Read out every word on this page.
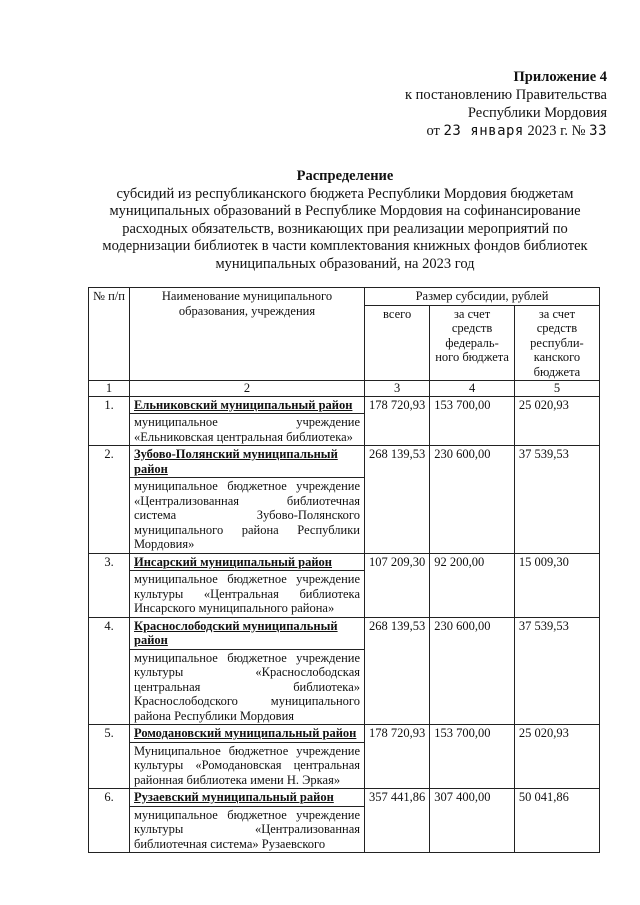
Приложение 4
к постановлению Правительства
Республики Мордовия
от 23 января 2023 г. № 33
Распределение
субсидий из республиканского бюджета Республики Мордовия бюджетам муниципальных образований в Республике Мордовия на софинансирование расходных обязательств, возникающих при реализации мероприятий по модернизации библиотек в части комплектования книжных фондов библиотек муниципальных образований, на 2023 год
№ п/п	Наименование муниципального образования, учреждения	Размер субсидии, рублей		
		всего	за счет средств федераль-ного бюджета	за счет средств республи-канского бюджета
1	2	3	4	5
1.	Ельниковский муниципальный район	178 720,93	153 700,00	25 020,93
	муниципальное учреждение «Ельниковская центральная библиотека»			
2.	Зубово-Полянский муниципальный район	268 139,53	230 600,00	37 539,53
	муниципальное бюджетное учреждение «Централизованная библиотечная система Зубово-Полянского муниципального района Республики Мордовия»			
3.	Инсарский муниципальный район	107 209,30	92 200,00	15 009,30
	муниципальное бюджетное учреждение культуры «Центральная библиотека Инсарского муниципального района»			
4.	Краснослободский муниципальный район	268 139,53	230 600,00	37 539,53
	муниципальное бюджетное учреждение культуры «Краснослободская центральная библиотека» Краснослободского муниципального района Республики Мордовия			
5.	Ромодановский муниципальный район	178 720,93	153 700,00	25 020,93
	Муниципальное бюджетное учреждение культуры «Ромодановская центральная районная библиотека имени Н. Эркая»			
6.	Рузаевский муниципальный район	357 441,86	307 400,00	50 041,86
	муниципальное бюджетное учреждение культуры «Централизованная библиотечная система» Рузаевского			
